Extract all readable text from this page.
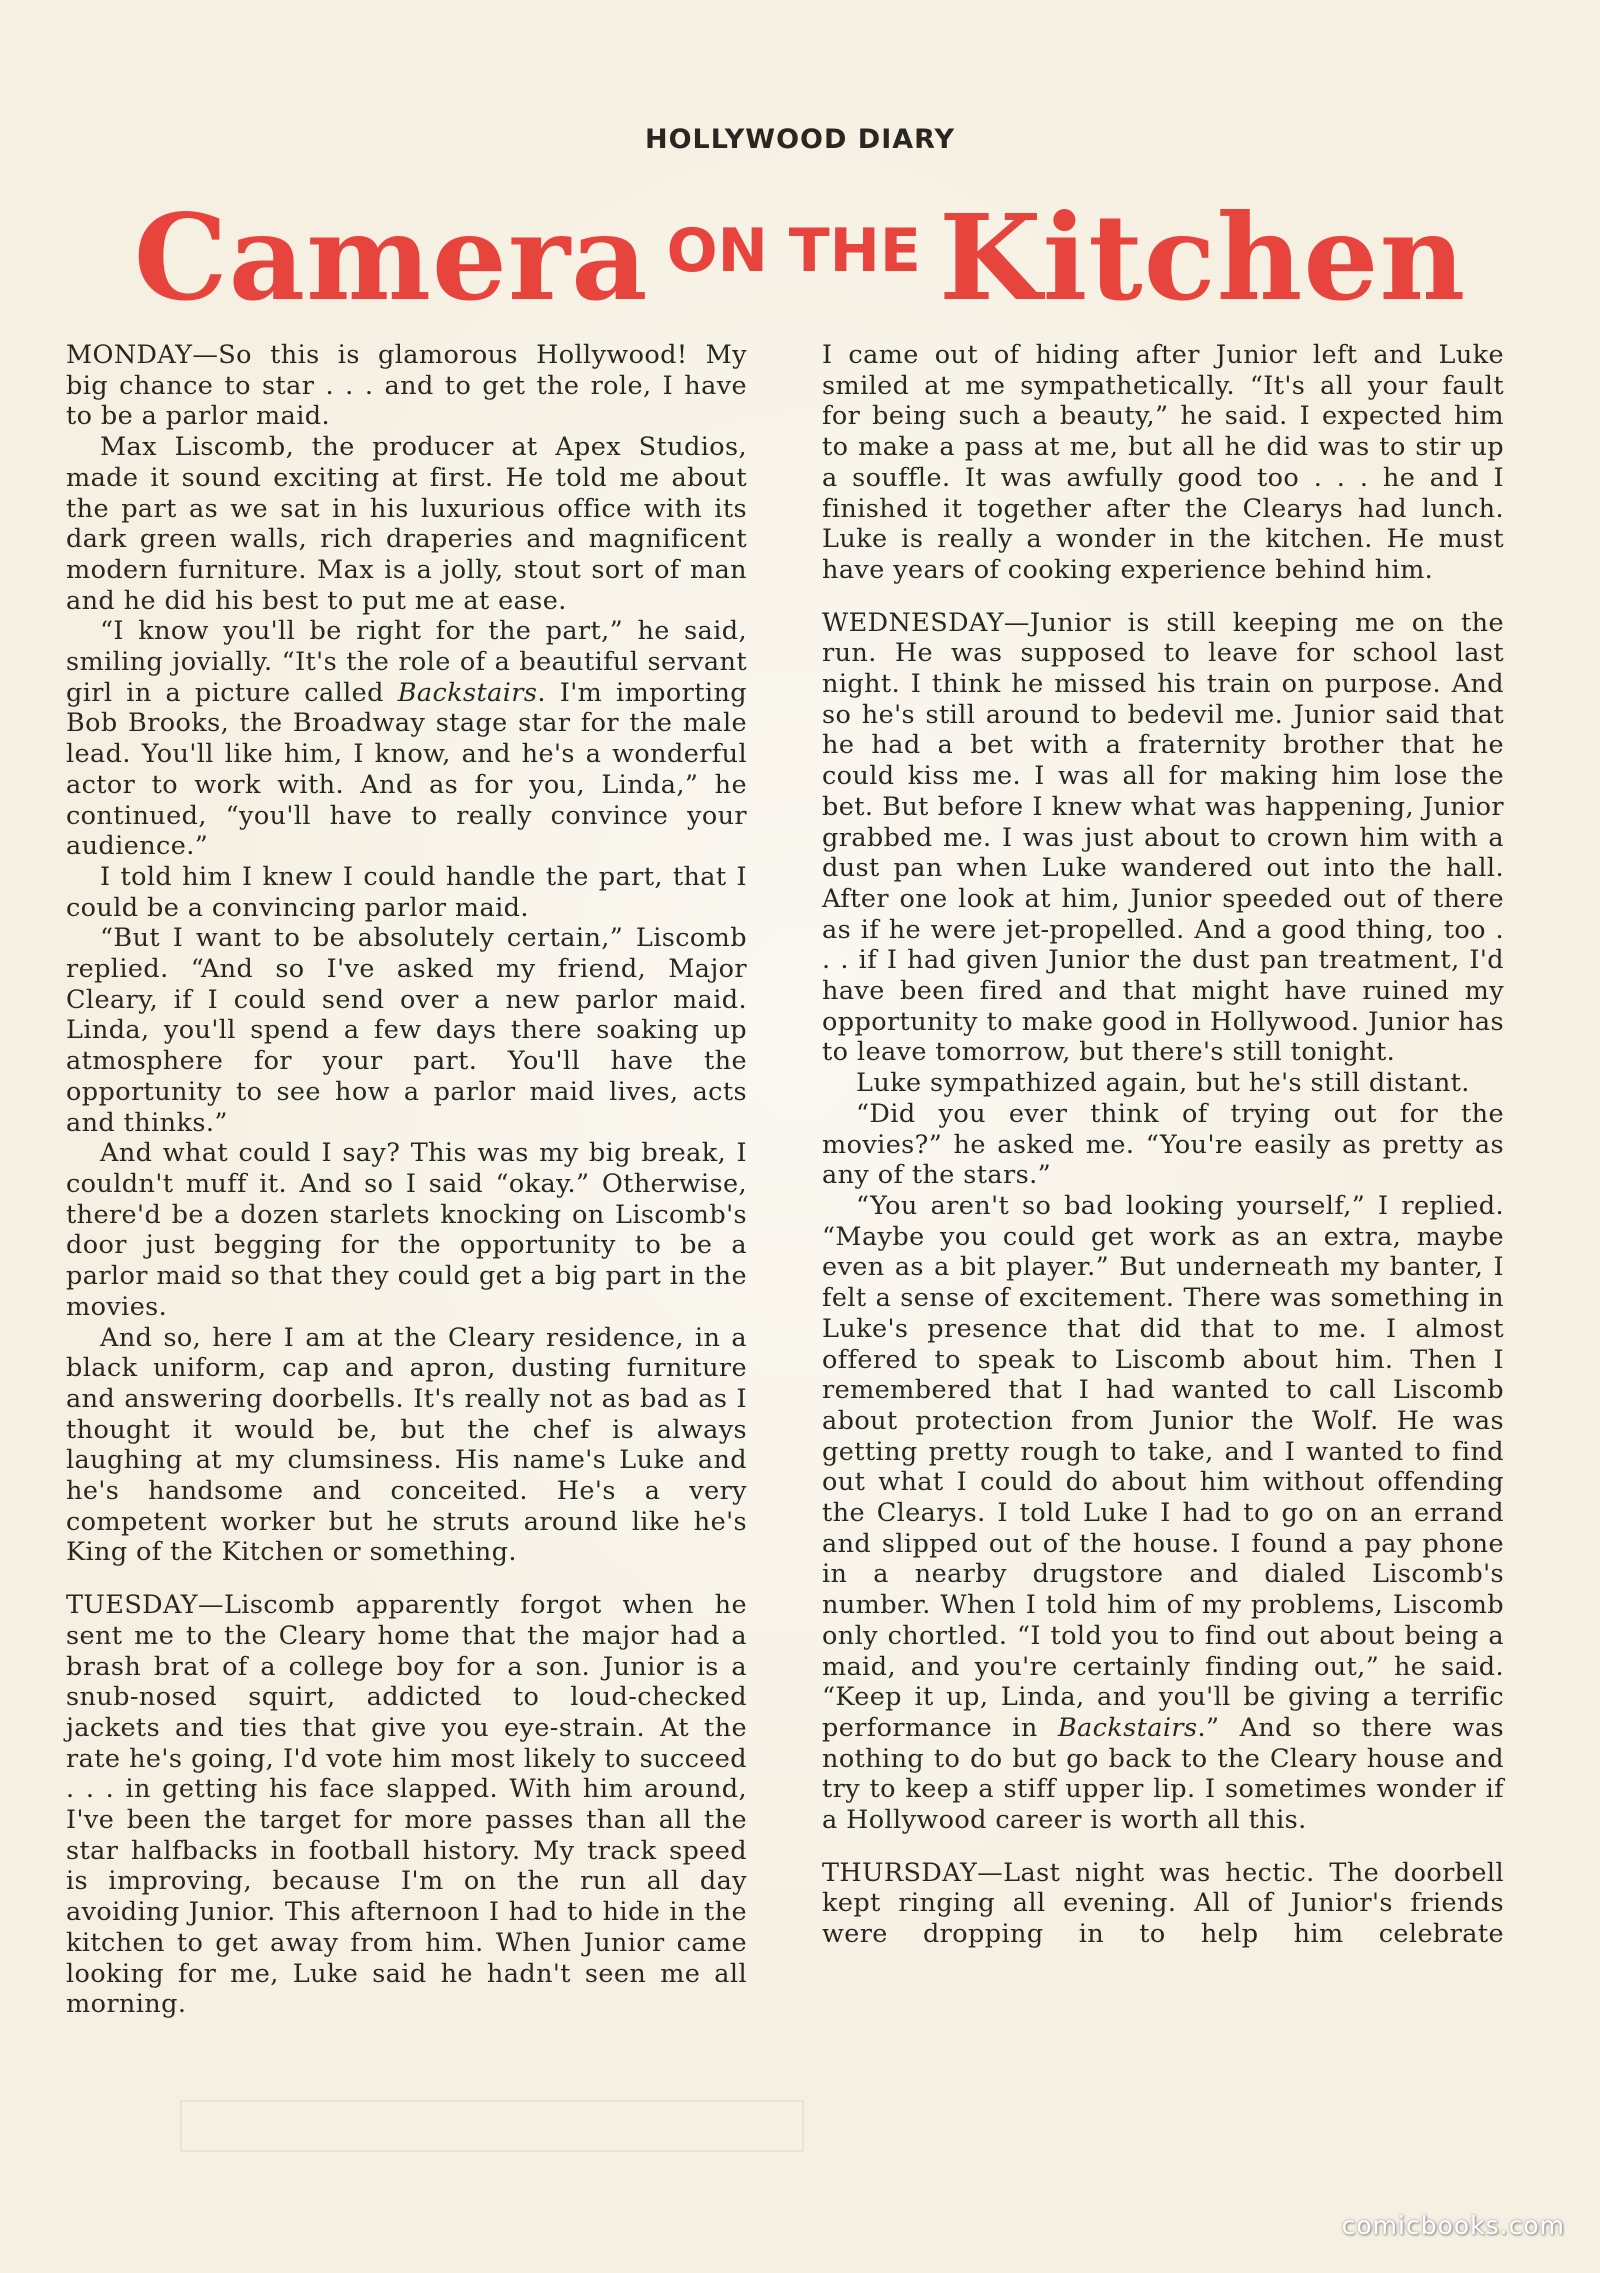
HOLLYWOOD DIARY
Camera ON THE Kitchen

MONDAY—So this is glamorous Hollywood! My big chance to star . . . and to get the role, I have to be a parlor maid.

Max Liscomb, the producer at Apex Studios, made it sound exciting at first. He told me about the part as we sat in his luxurious office with its dark green walls, rich draperies and magnificent modern furniture. Max is a jolly, stout sort of man and he did his best to put me at ease.

“I know you'll be right for the part,” he said, smiling jovially. “It's the role of a beautiful servant girl in a picture called Backstairs. I'm importing Bob Brooks, the Broadway stage star for the male lead. You'll like him, I know, and he's a wonderful actor to work with. And as for you, Linda,” he continued, “you'll have to really convince your audience.”

I told him I knew I could handle the part, that I could be a convincing parlor maid.

“But I want to be absolutely certain,” Liscomb replied. “And so I've asked my friend, Major Cleary, if I could send over a new parlor maid. Linda, you'll spend a few days there soaking up atmosphere for your part. You'll have the opportunity to see how a parlor maid lives, acts and thinks.”

And what could I say? This was my big break, I couldn't muff it. And so I said “okay.” Otherwise, there'd be a dozen starlets knocking on Liscomb's door just begging for the opportunity to be a parlor maid so that they could get a big part in the movies.

And so, here I am at the Cleary residence, in a black uniform, cap and apron, dusting furniture and answering doorbells. It's really not as bad as I thought it would be, but the chef is always laughing at my clumsiness. His name's Luke and he's handsome and conceited. He's a very competent worker but he struts around like he's King of the Kitchen or something.

TUESDAY—Liscomb apparently forgot when he sent me to the Cleary home that the major had a brash brat of a college boy for a son. Junior is a snub-nosed squirt, addicted to loud-checked jackets and ties that give you eye-strain. At the rate he's going, I'd vote him most likely to succeed . . . in getting his face slapped. With him around, I've been the target for more passes than all the star halfbacks in football history. My track speed is improving, because I'm on the run all day avoiding Junior. This afternoon I had to hide in the kitchen to get away from him. When Junior came looking for me, Luke said he hadn't seen me all morning.

I came out of hiding after Junior left and Luke smiled at me sympathetically. “It's all your fault for being such a beauty,” he said. I expected him to make a pass at me, but all he did was to stir up a souffle. It was awfully good too . . . he and I finished it together after the Clearys had lunch. Luke is really a wonder in the kitchen. He must have years of cooking experience behind him.

WEDNESDAY—Junior is still keeping me on the run. He was supposed to leave for school last night. I think he missed his train on purpose. And so he's still around to bedevil me. Junior said that he had a bet with a fraternity brother that he could kiss me. I was all for making him lose the bet. But before I knew what was happening, Junior grabbed me. I was just about to crown him with a dust pan when Luke wandered out into the hall. After one look at him, Junior speeded out of there as if he were jet-propelled. And a good thing, too . . . if I had given Junior the dust pan treatment, I'd have been fired and that might have ruined my opportunity to make good in Hollywood. Junior has to leave tomorrow, but there's still tonight.

Luke sympathized again, but he's still distant.

“Did you ever think of trying out for the movies?” he asked me. “You're easily as pretty as any of the stars.”

“You aren't so bad looking yourself,” I replied. “Maybe you could get work as an extra, maybe even as a bit player.” But underneath my banter, I felt a sense of excitement. There was something in Luke's presence that did that to me. I almost offered to speak to Liscomb about him. Then I remembered that I had wanted to call Liscomb about protection from Junior the Wolf. He was getting pretty rough to take, and I wanted to find out what I could do about him without offending the Clearys. I told Luke I had to go on an errand and slipped out of the house. I found a pay phone in a nearby drugstore and dialed Liscomb's number. When I told him of my problems, Liscomb only chortled. “I told you to find out about being a maid, and you're certainly finding out,” he said. “Keep it up, Linda, and you'll be giving a terrific performance in Backstairs.” And so there was nothing to do but go back to the Cleary house and try to keep a stiff upper lip. I sometimes wonder if a Hollywood career is worth all this.

THURSDAY—Last night was hectic. The doorbell kept ringing all evening. All of Junior's friends were dropping in to help him celebrate

comicbooks.com
